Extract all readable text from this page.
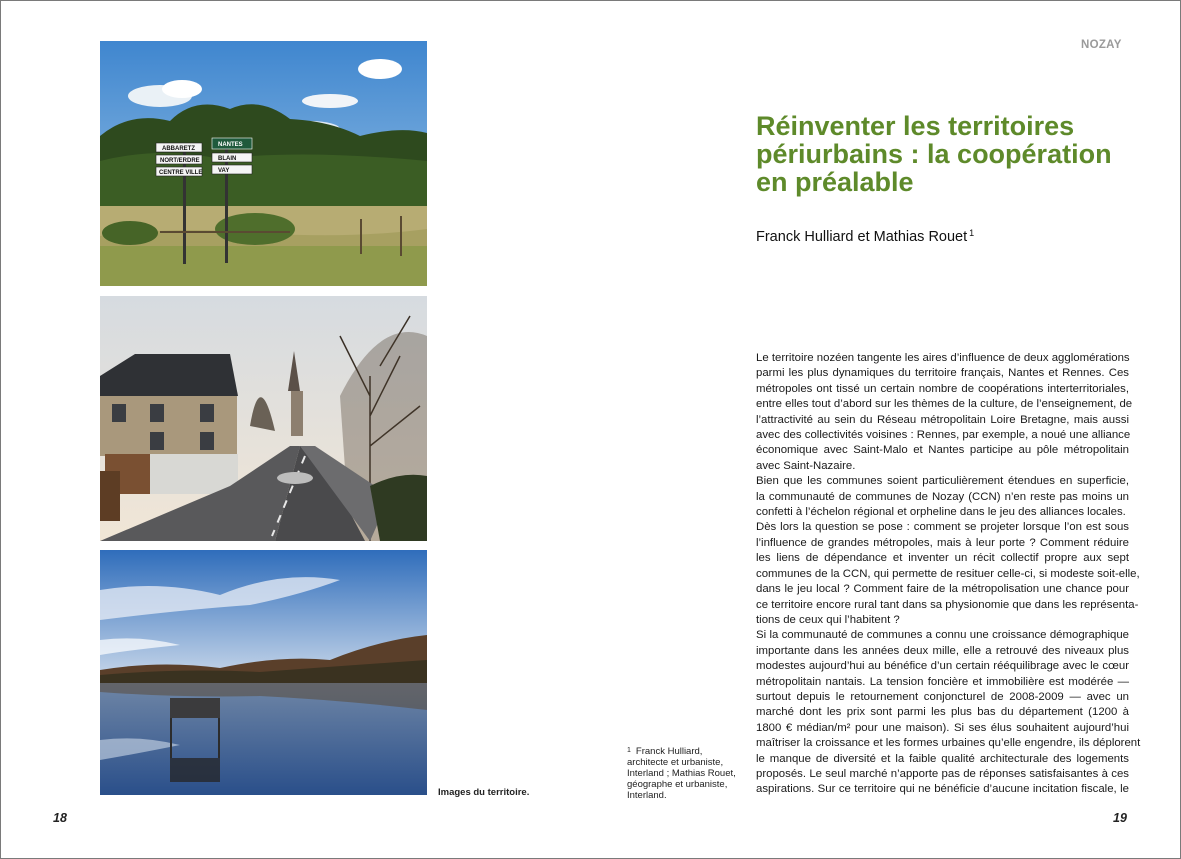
ABBARETZ
NORT/ERDRE
CENTRE VILLE
NANTES
BLAIN
VAY
Images du territoire.
18
$^1$ Franck Hulliard,
architecte et urbaniste,
Interland ; Mathias Rouet,
géographe et urbaniste,
Interland.
NOZAY
Réinventer les territoires
périurbains : la coopération
en préalable
Franck Hulliard et Mathias Rouet $^1$
Le territoire nozéen tangente les aires d’influence de deux agglomérations
parmi les plus dynamiques du territoire français, Nantes et Rennes. Ces
métropoles ont tissé un certain nombre de coopérations interterritoriales,
entre elles tout d’abord sur les thèmes de la culture, de l’enseignement, de
l’attractivité au sein du Réseau métropolitain Loire Bretagne, mais aussi
avec des collectivités voisines : Rennes, par exemple, a noué une alliance
économique avec Saint-Malo et Nantes participe au pôle métropolitain
avec Saint-Nazaire.
Bien que les communes soient particulièrement étendues en superficie,
la communauté de communes de Nozay (CCN) n’en reste pas moins un
confetti à l’échelon régional et orpheline dans le jeu des alliances locales.
Dès lors la question se pose : comment se projeter lorsque l’on est sous
l’influence de grandes métropoles, mais à leur porte ? Comment réduire
les liens de dépendance et inventer un récit collectif propre aux sept
communes de la CCN, qui permette de resituer celle-ci, si modeste soit-elle,
dans le jeu local ? Comment faire de la métropolisation une chance pour
ce territoire encore rural tant dans sa physionomie que dans les représenta-
tions de ceux qui l’habitent ?
Si la communauté de communes a connu une croissance démographique
importante dans les années deux mille, elle a retrouvé des niveaux plus
modestes aujourd’hui au bénéfice d’un certain rééquilibrage avec le cœur
métropolitain nantais. La tension foncière et immobilière est modérée —
surtout depuis le retournement conjoncturel de 2008-2009 — avec un
marché dont les prix sont parmi les plus bas du département (1200 à
1800 € médian/m² pour une maison). Si ses élus souhaitent aujourd’hui
maîtriser la croissance et les formes urbaines qu’elle engendre, ils déplorent
le manque de diversité et la faible qualité architecturale des logements
proposés. Le seul marché n’apporte pas de réponses satisfaisantes à ces
aspirations. Sur ce territoire qui ne bénéficie d’aucune incitation fiscale, le
19
